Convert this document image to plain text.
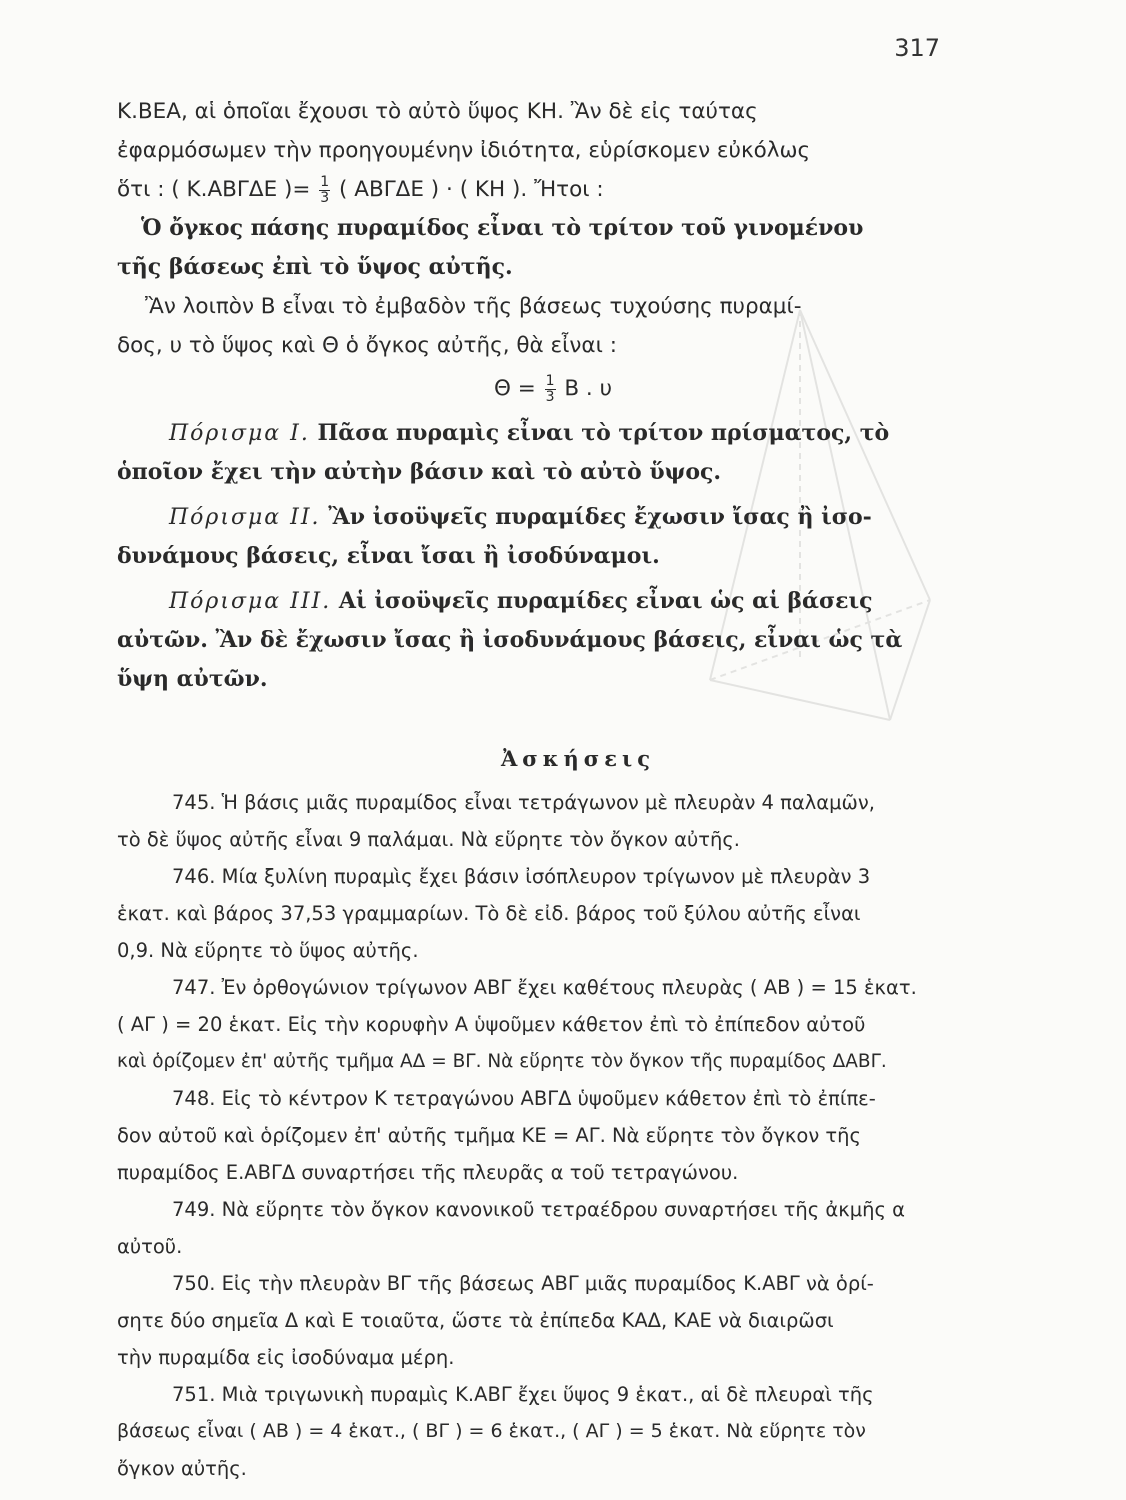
317

Κ.ΒΕΑ, αἱ ὁποῖαι ἔχουσι τὸ αὐτὸ ὕψος ΚΗ. Ἂν δὲ εἰς ταύτας

ἐφαρμόσωμεν τὴν προηγουμένην ἰδιότητα, εὑρίσκομεν εὐκόλως

ὅτι : ( Κ.ΑΒΓΔΕ )= $\frac{1}{3}$ ( ΑΒΓΔΕ ) · ( ΚΗ ). Ἤτοι :

Ὁ ὄγκος πάσης πυραμίδος εἶναι τὸ τρίτον τοῦ γινομένου

τῆς βάσεως ἐπὶ τὸ ὕψος αὐτῆς.

Ἂν λοιπὸν Β εἶναι τὸ ἐμβαδὸν τῆς βάσεως τυχούσης πυραμί-

δος, υ τὸ ὕψος καὶ Θ ὁ ὄγκος αὐτῆς, θὰ εἶναι :

$\Theta = \frac{1}{3}$ Β . υ

Πόρισμα Ι. Πᾶσα πυραμὶς εἶναι τὸ τρίτον πρίσματος, τὸ

ὁποῖον ἔχει τὴν αὐτὴν βάσιν καὶ τὸ αὐτὸ ὕψος.

Πόρισμα ΙΙ. Ἂν ἰσοϋψεῖς πυραμίδες ἔχωσιν ἴσας ἢ ἰσο-

δυνάμους βάσεις, εἶναι ἴσαι ἢ ἰσοδύναμοι.

Πόρισμα ΙΙΙ. Αἱ ἰσοϋψεῖς πυραμίδες εἶναι ὡς αἱ βάσεις

αὐτῶν. Ἂν δὲ ἔχωσιν ἴσας ἢ ἰσοδυνάμους βάσεις, εἶναι ὡς τὰ

ὕψη αὐτῶν.

Ἀσκήσεις

745. Ἡ βάσις μιᾶς πυραμίδος εἶναι τετράγωνον μὲ πλευρὰν 4 παλαμῶν,

τὸ δὲ ὕψος αὐτῆς εἶναι 9 παλάμαι. Νὰ εὕρητε τὸν ὄγκον αὐτῆς.

746. Μία ξυλίνη πυραμὶς ἔχει βάσιν ἰσόπλευρον τρίγωνον μὲ πλευρὰν 3

ἑκατ. καὶ βάρος 37,53 γραμμαρίων. Τὸ δὲ εἰδ. βάρος τοῦ ξύλου αὐτῆς εἶναι

0,9. Νὰ εὕρητε τὸ ὕψος αὐτῆς.

747. Ἐν ὀρθογώνιον τρίγωνον ΑΒΓ ἔχει καθέτους πλευρὰς ( ΑΒ ) = 15 ἑκατ.

( ΑΓ ) = 20 ἑκατ. Εἰς τὴν κορυφὴν Α ὑψοῦμεν κάθετον ἐπὶ τὸ ἐπίπεδον αὐτοῦ

καὶ ὁρίζομεν ἐπ' αὐτῆς τμῆμα ΑΔ = ΒΓ. Νὰ εὕρητε τὸν ὄγκον τῆς πυραμίδος ΔΑΒΓ.

748. Εἰς τὸ κέντρον Κ τετραγώνου ΑΒΓΔ ὑψοῦμεν κάθετον ἐπὶ τὸ ἐπίπε-

δον αὐτοῦ καὶ ὁρίζομεν ἐπ' αὐτῆς τμῆμα ΚΕ = ΑΓ. Νὰ εὕρητε τὸν ὄγκον τῆς

πυραμίδος Ε.ΑΒΓΔ συναρτήσει τῆς πλευρᾶς α τοῦ τετραγώνου.

749. Νὰ εὕρητε τὸν ὄγκον κανονικοῦ τετραέδρου συναρτήσει τῆς ἀκμῆς α

αὐτοῦ.

750. Εἰς τὴν πλευρὰν ΒΓ τῆς βάσεως ΑΒΓ μιᾶς πυραμίδος Κ.ΑΒΓ νὰ ὁρί-

σητε δύο σημεῖα Δ καὶ Ε τοιαῦτα, ὥστε τὰ ἐπίπεδα ΚΑΔ, ΚΑΕ νὰ διαιρῶσι

τὴν πυραμίδα εἰς ἰσοδύναμα μέρη.

751. Μιὰ τριγωνικὴ πυραμὶς Κ.ΑΒΓ ἔχει ὕψος 9 ἑκατ., αἱ δὲ πλευραὶ τῆς

βάσεως εἶναι ( ΑΒ ) = 4 ἑκατ., ( ΒΓ ) = 6 ἑκατ., ( ΑΓ ) = 5 ἑκατ. Νὰ εὕρητε τὸν

ὄγκον αὐτῆς.
